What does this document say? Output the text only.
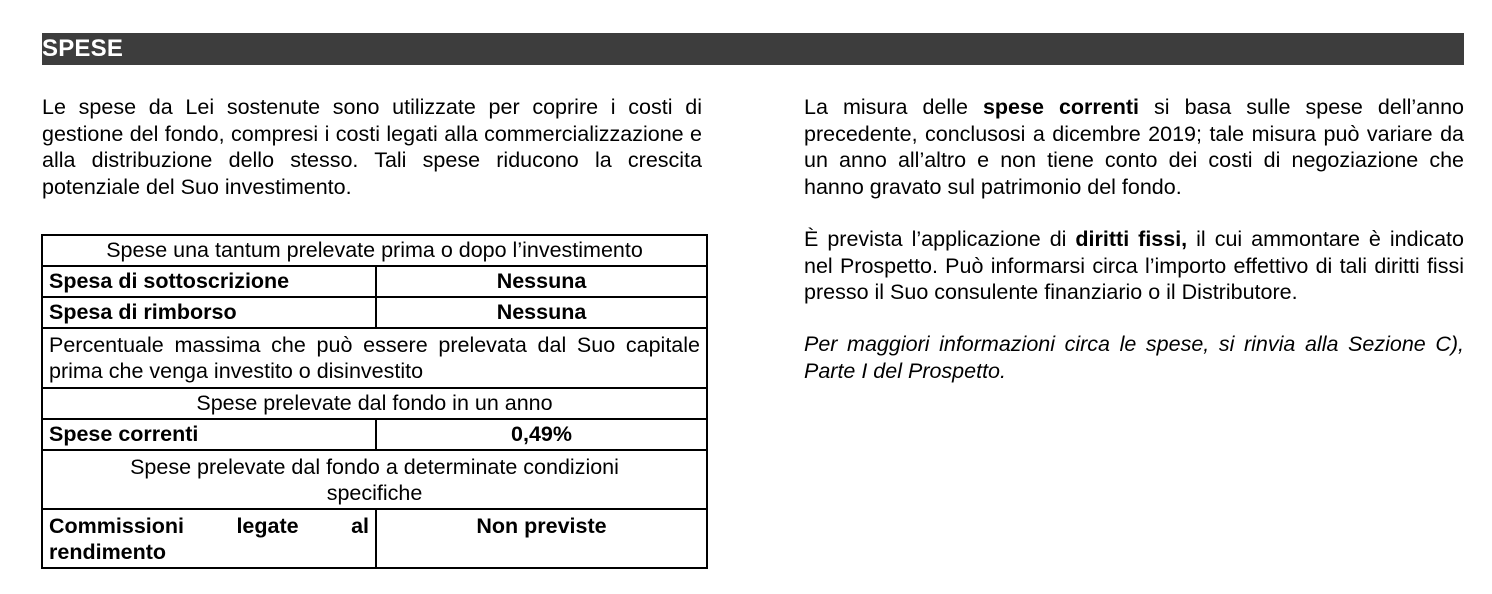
SPESE

Le spese da Lei sostenute sono utilizzate per coprire i costi di gestione del fondo, compresi i costi legati alla commercializzazione e alla distribuzione dello stesso. Tali spese riducono la crescita potenziale del Suo investimento.

Spese una tantum prelevate prima o dopo l’investimento	
Spesa di sottoscrizione	Nessuna
Spesa di rimborso	Nessuna
Percentuale massima che può essere prelevata dal Suo capitale prima che venga investito o disinvestito	
Spese prelevate dal fondo in un anno	
Spese correnti	0,49%
Spese prelevate dal fondo a determinate condizioni specifiche	
Commissioni legate al rendimento	Non previste

La misura delle spese correnti si basa sulle spese dell’anno precedente, conclusosi a dicembre 2019; tale misura può variare da un anno all’altro e non tiene conto dei costi di negoziazione che hanno gravato sul patrimonio del fondo.

È prevista l’applicazione di diritti fissi, il cui ammontare è indicato nel Prospetto. Può informarsi circa l’importo effettivo di tali diritti fissi presso il Suo consulente finanziario o il Distributore.

Per maggiori informazioni circa le spese, si rinvia alla Sezione C), Parte I del Prospetto.
